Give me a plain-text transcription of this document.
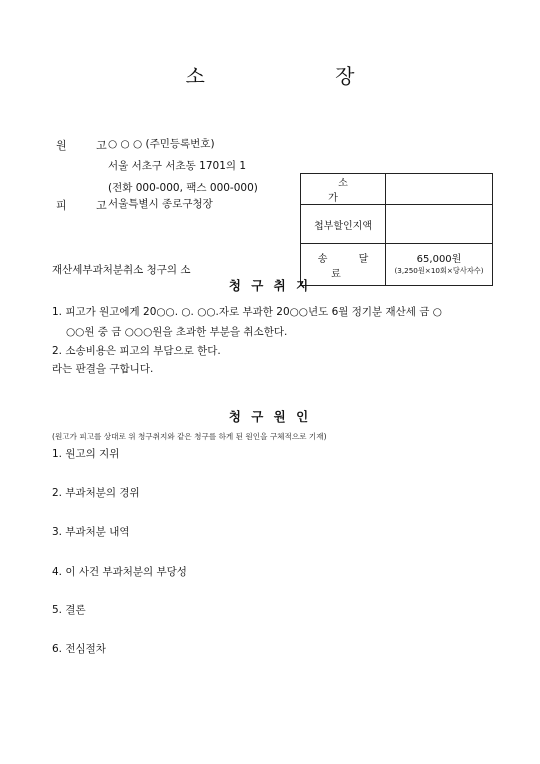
소 장
원 고
○ ○ ○ (주민등록번호)
서울 서초구 서초동 1701의 1
(전화 000-000, 팩스 000-000)
피 고
서울특별시 종로구청장
소 가	
첩부할인지액	
송 달 료	65,000원
(3,250원×10회×당사자수)
재산세부과처분취소 청구의 소
청 구 취 지
1. 피고가 원고에게 20○○. ○. ○○.자로 부과한 20○○년도 6월 정기분 재산세 금 ○
○○원 중 금 ○○○원을 초과한 부분을 취소한다.
2. 소송비용은 피고의 부담으로 한다.
라는 판결을 구합니다.
청 구 원 인
(원고가 피고를 상대로 위 청구취지와 같은 청구를 하게 된 원인을 구체적으로 기재)
1. 원고의 지위
2. 부과처분의 경위
3. 부과처분 내역
4. 이 사건 부과처분의 부당성
5. 결론
6. 전심절차
